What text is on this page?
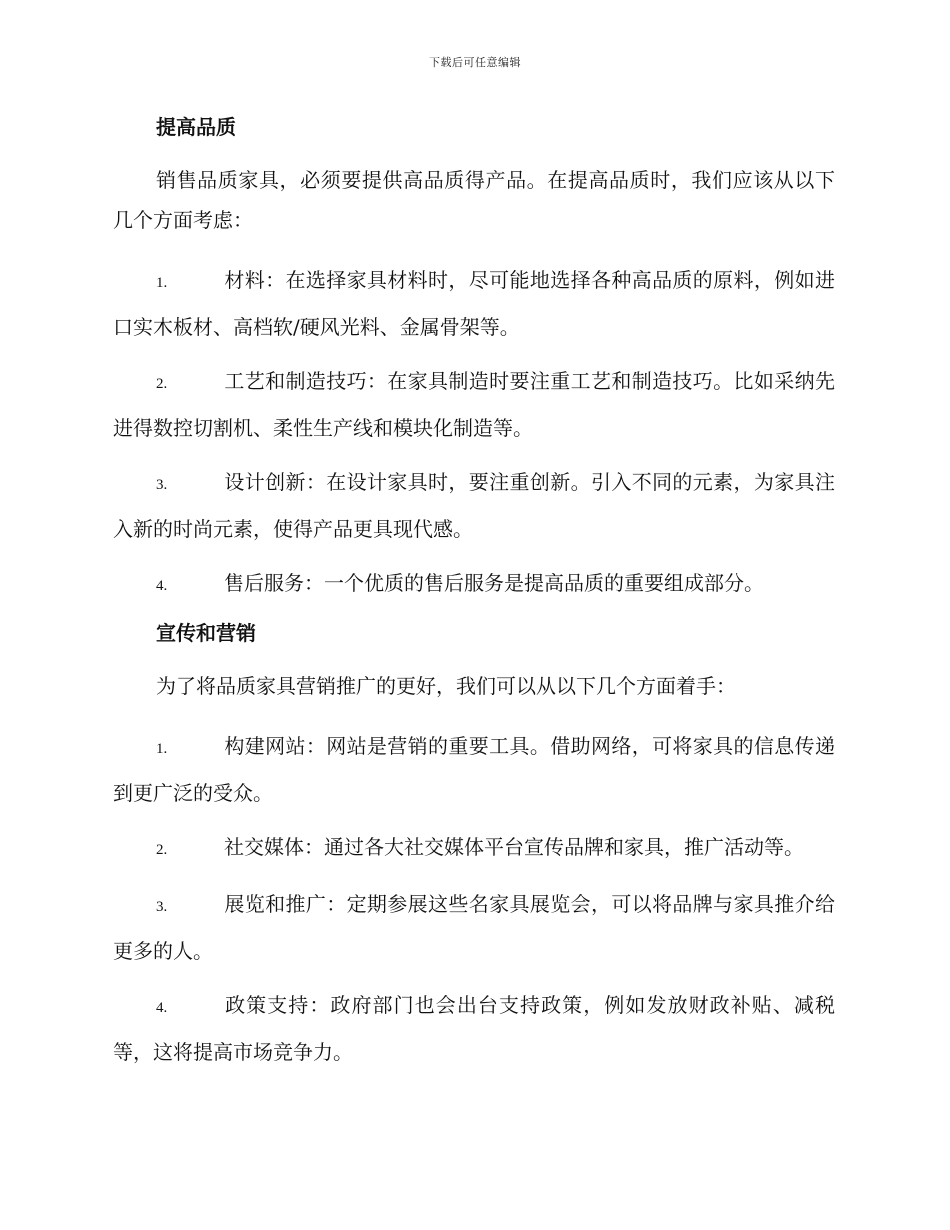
下载后可任意编辑
提高品质

销售品质家具，必须要提供高品质得产品。在提高品质时，我们应该从以下几个方面考虑：

1.	材料：在选择家具材料时，尽可能地选择各种高品质的原料，例如进口实木板材、高档软/硬风光料、金属骨架等。

2.	工艺和制造技巧：在家具制造时要注重工艺和制造技巧。比如采纳先进得数控切割机、柔性生产线和模块化制造等。

3.	设计创新：在设计家具时，要注重创新。引入不同的元素，为家具注入新的时尚元素，使得产品更具现代感。

4.	售后服务：一个优质的售后服务是提高品质的重要组成部分。

宣传和营销

为了将品质家具营销推广的更好，我们可以从以下几个方面着手：

1.	构建网站：网站是营销的重要工具。借助网络，可将家具的信息传递到更广泛的受众。

2.	社交媒体：通过各大社交媒体平台宣传品牌和家具，推广活动等。

3.	展览和推广：定期参展这些名家具展览会，可以将品牌与家具推介给更多的人。

4.	政策支持：政府部门也会出台支持政策，例如发放财政补贴、减税等，这将提高市场竞争力。
